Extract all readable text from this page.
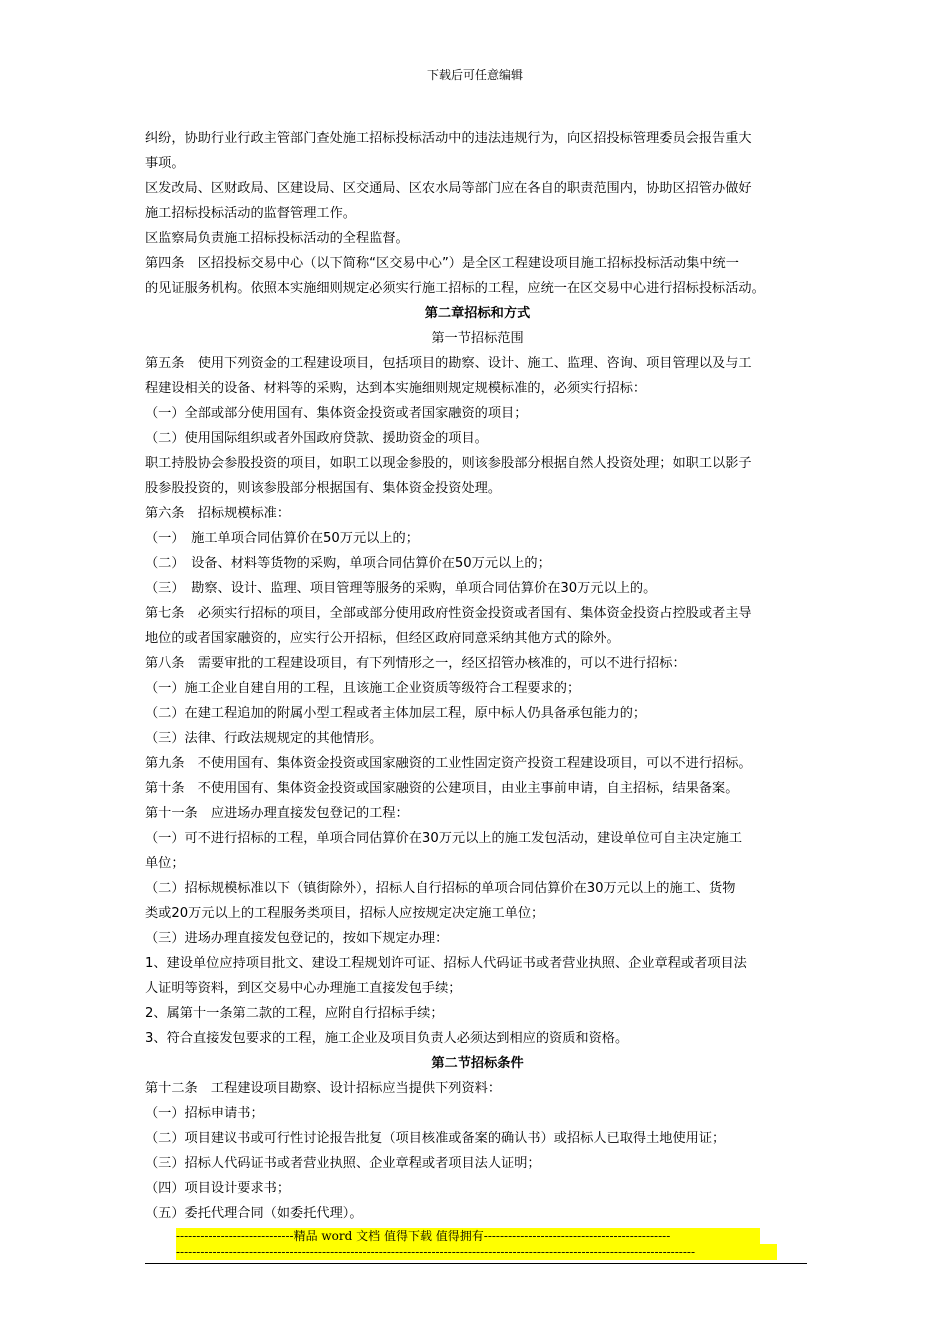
下载后可任意编辑

纠纷，协助行业行政主管部门查处施工招标投标活动中的违法违规行为，向区招投标管理委员会报告重大

事项。

区发改局、区财政局、区建设局、区交通局、区农水局等部门应在各自的职责范围内，协助区招管办做好

施工招标投标活动的监督管理工作。

区监察局负责施工招标投标活动的全程监督。

第四条　区招投标交易中心（以下简称“区交易中心”）是全区工程建设项目施工招标投标活动集中统一

的见证服务机构。依照本实施细则规定必须实行施工招标的工程，应统一在区交易中心进行招标投标活动。

第二章招标和方式

第一节招标范围

第五条　使用下列资金的工程建设项目，包括项目的勘察、设计、施工、监理、咨询、项目管理以及与工

程建设相关的设备、材料等的采购，达到本实施细则规定规模标准的，必须实行招标：

（一）全部或部分使用国有、集体资金投资或者国家融资的项目；

（二）使用国际组织或者外国政府贷款、援助资金的项目。

职工持股协会参股投资的项目，如职工以现金参股的，则该参股部分根据自然人投资处理；如职工以影子

股参股投资的，则该参股部分根据国有、集体资金投资处理。

第六条　招标规模标准：

（一）　施工单项合同估算价在50万元以上的；

（二）　设备、材料等货物的采购，单项合同估算价在50万元以上的；

（三）　勘察、设计、监理、项目管理等服务的采购，单项合同估算价在30万元以上的。

第七条　必须实行招标的项目，全部或部分使用政府性资金投资或者国有、集体资金投资占控股或者主导

地位的或者国家融资的，应实行公开招标，但经区政府同意采纳其他方式的除外。

第八条　需要审批的工程建设项目，有下列情形之一，经区招管办核准的，可以不进行招标：

（一）施工企业自建自用的工程，且该施工企业资质等级符合工程要求的；

（二）在建工程追加的附属小型工程或者主体加层工程，原中标人仍具备承包能力的；

（三）法律、行政法规规定的其他情形。

第九条　不使用国有、集体资金投资或国家融资的工业性固定资产投资工程建设项目，可以不进行招标。

第十条　不使用国有、集体资金投资或国家融资的公建项目，由业主事前申请，自主招标，结果备案。

第十一条　应进场办理直接发包登记的工程：

（一）可不进行招标的工程，单项合同估算价在30万元以上的施工发包活动，建设单位可自主决定施工

单位；

（二）招标规模标准以下（镇街除外），招标人自行招标的单项合同估算价在30万元以上的施工、货物

类或20万元以上的工程服务类项目，招标人应按规定决定施工单位；

（三）进场办理直接发包登记的，按如下规定办理：

1、建设单位应持项目批文、建设工程规划许可证、招标人代码证书或者营业执照、企业章程或者项目法

人证明等资料，到区交易中心办理施工直接发包手续；

2、属第十一条第二款的工程，应附自行招标手续；

3、符合直接发包要求的工程，施工企业及项目负责人必须达到相应的资质和资格。

第二节招标条件

第十二条　工程建设项目勘察、设计招标应当提供下列资料：

（一）招标申请书；

（二）项目建议书或可行性讨论报告批复（项目核准或备案的确认书）或招标人已取得土地使用证；

（三）招标人代码证书或者营业执照、企业章程或者项目法人证明；

（四）项目设计要求书；

（五）委托代理合同（如委托代理）。

-----------------------------精品 word 文档 值得下载 值得拥有----------------------------------------------
--------------------------------------------------------------------------------------------------------------------------------
